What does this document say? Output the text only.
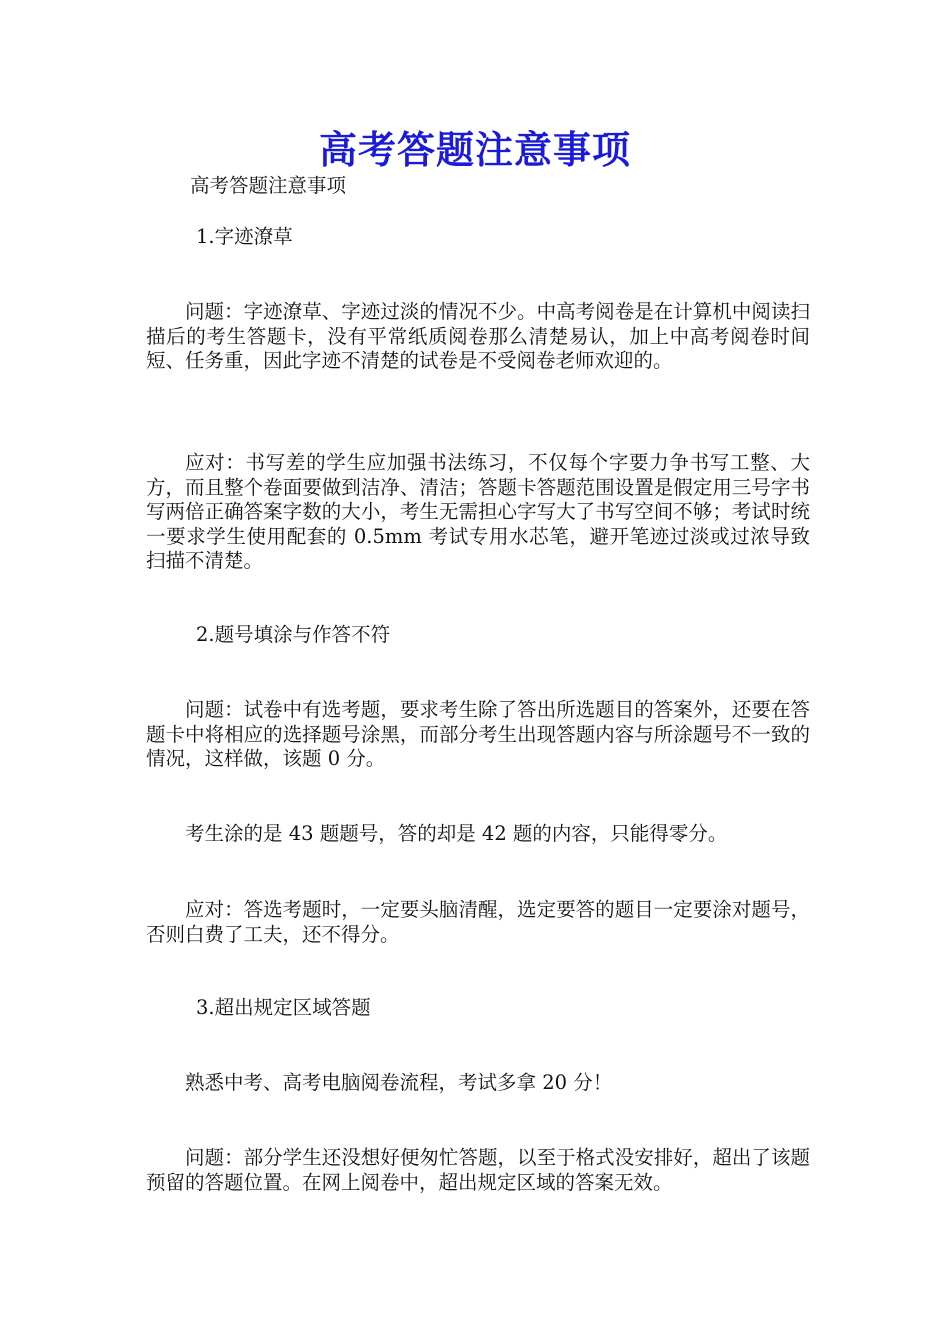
高考答题注意事项

高考答题注意事项

1.字迹潦草

问题：字迹潦草、字迹过淡的情况不少。中高考阅卷是在计算机中阅读扫描后的考生答题卡，没有平常纸质阅卷那么清楚易认，加上中高考阅卷时间短、任务重，因此字迹不清楚的试卷是不受阅卷老师欢迎的。

应对：书写差的学生应加强书法练习，不仅每个字要力争书写工整、大方，而且整个卷面要做到洁净、清洁；答题卡答题范围设置是假定用三号字书写两倍正确答案字数的大小，考生无需担心字写大了书写空间不够；考试时统一要求学生使用配套的 0.5mm 考试专用水芯笔，避开笔迹过淡或过浓导致扫描不清楚。

2.题号填涂与作答不符

问题：试卷中有选考题，要求考生除了答出所选题目的答案外，还要在答题卡中将相应的选择题号涂黑，而部分考生出现答题内容与所涂题号不一致的情况，这样做，该题 0 分。

考生涂的是 43 题题号，答的却是 42 题的内容，只能得零分。

应对：答选考题时，一定要头脑清醒，选定要答的题目一定要涂对题号，否则白费了工夫，还不得分。

3.超出规定区域答题

熟悉中考、高考电脑阅卷流程，考试多拿 20 分！

问题：部分学生还没想好便匆忙答题，以至于格式没安排好，超出了该题预留的答题位置。在网上阅卷中，超出规定区域的答案无效。
